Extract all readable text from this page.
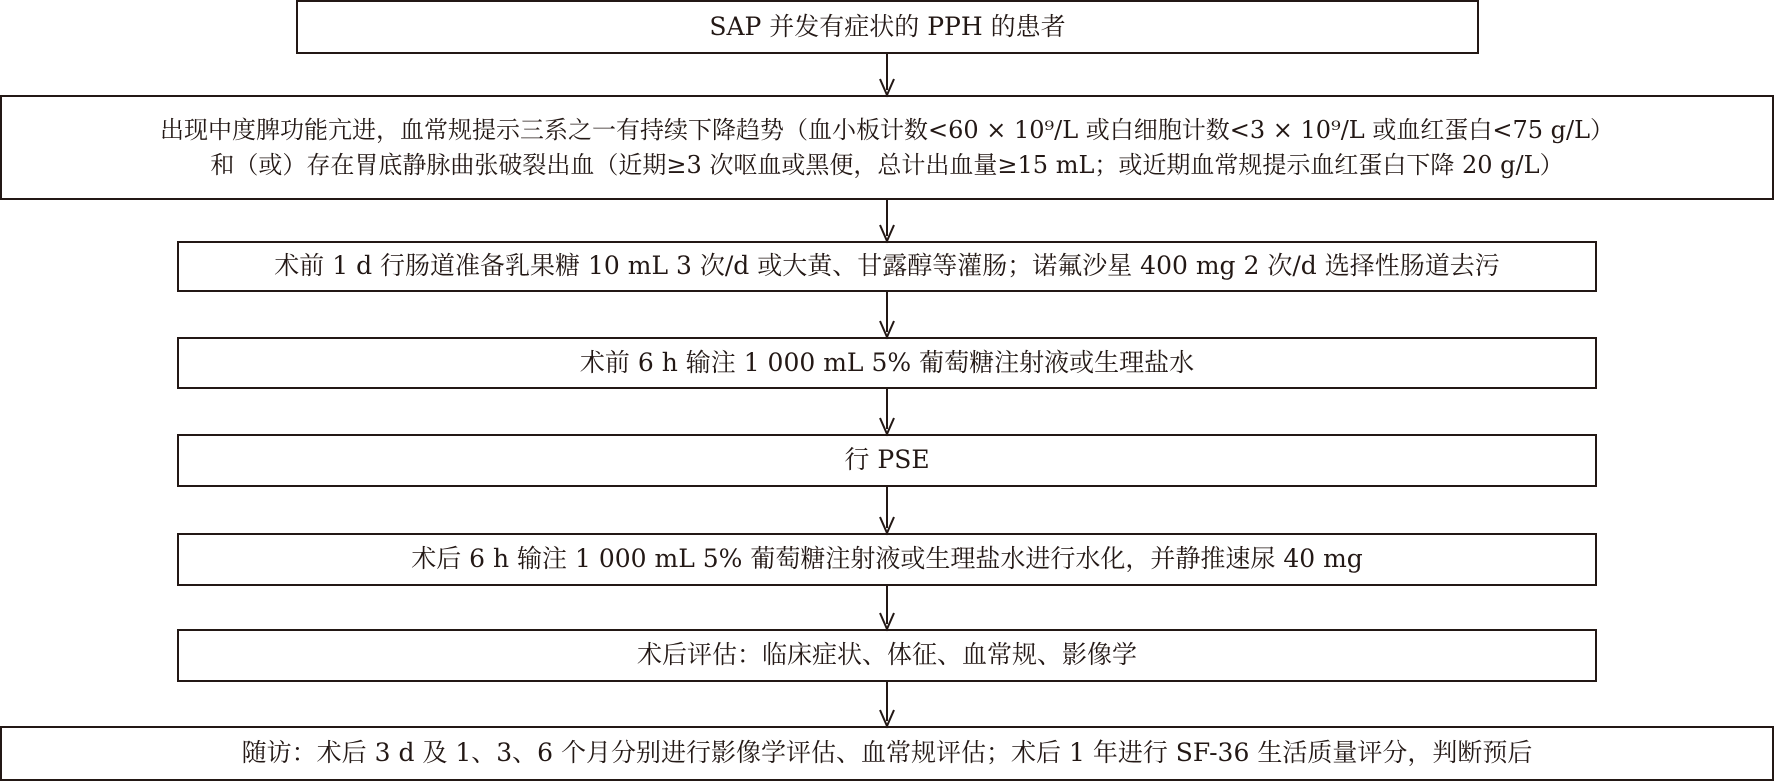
SAP 并发有症状的 PPH 的患者
出现中度脾功能亢进，血常规提示三系之一有持续下降趋势（血小板计数<60 × 10⁹/L 或白细胞计数<3 × 10⁹/L 或血红蛋白<75 g/L）
和（或）存在胃底静脉曲张破裂出血（近期≥3 次呕血或黑便，总计出血量≥15 mL；或近期血常规提示血红蛋白下降 20 g/L）
术前 1 d 行肠道准备乳果糖 10 mL 3 次/d 或大黄、甘露醇等灌肠；诺氟沙星 400 mg 2 次/d 选择性肠道去污
术前 6 h 输注 1 000 mL 5% 葡萄糖注射液或生理盐水
行 PSE
术后 6 h 输注 1 000 mL 5% 葡萄糖注射液或生理盐水进行水化，并静推速尿 40 mg
术后评估：临床症状、体征、血常规、影像学
随访：术后 3 d 及 1、3、6 个月分别进行影像学评估、血常规评估；术后 1 年进行 SF-36 生活质量评分，判断预后
